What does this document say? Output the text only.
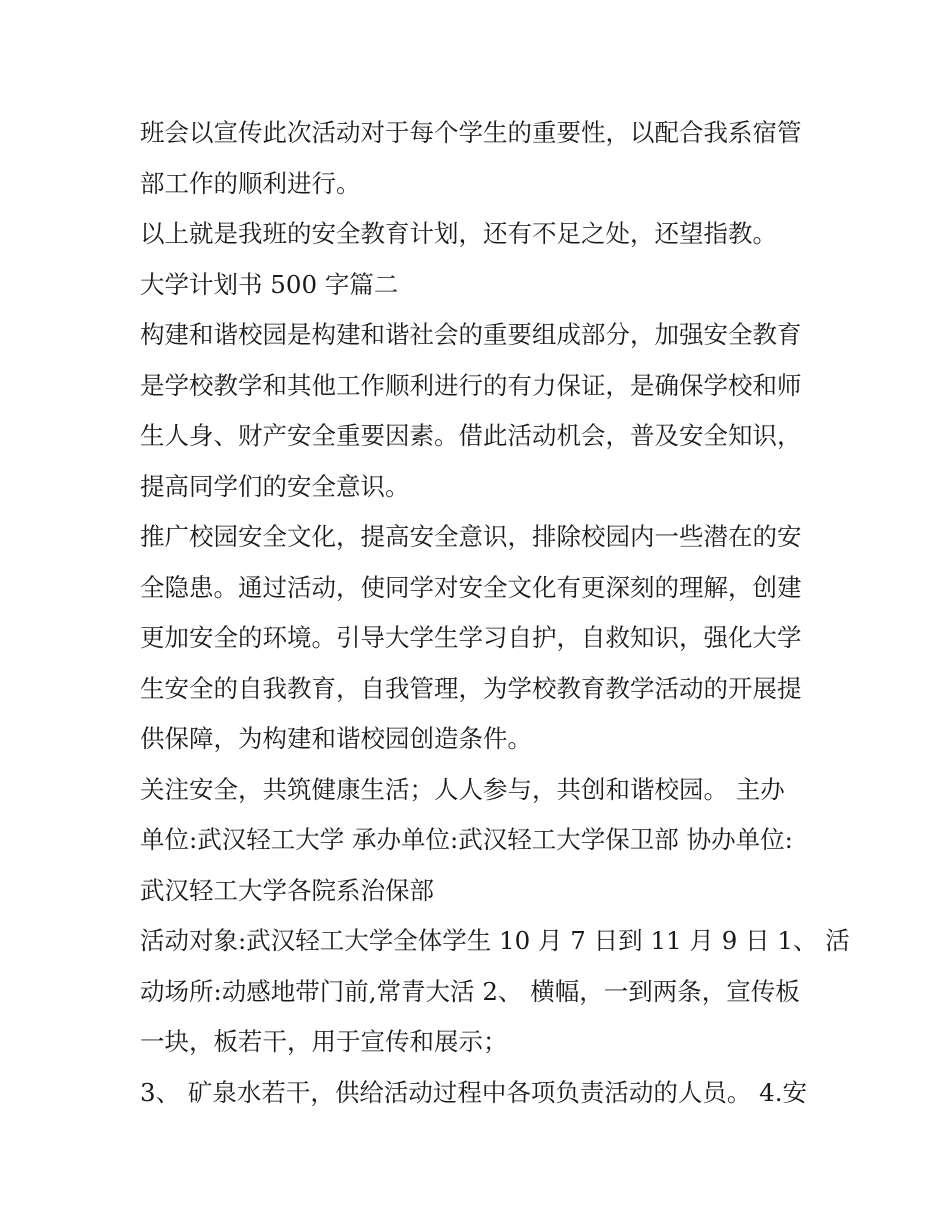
班会以宣传此次活动对于每个学生的重要性，以配合我系宿管
部工作的顺利进行。

以上就是我班的安全教育计划，还有不足之处，还望指教。

大学计划书 500 字篇二

构建和谐校园是构建和谐社会的重要组成部分，加强安全教育
是学校教学和其他工作顺利进行的有力保证，是确保学校和师
生人身、财产安全重要因素。借此活动机会，普及安全知识，
提高同学们的安全意识。

推广校园安全文化，提高安全意识，排除校园内一些潜在的安
全隐患。通过活动，使同学对安全文化有更深刻的理解，创建
更加安全的环境。引导大学生学习自护，自救知识，强化大学
生安全的自我教育，自我管理，为学校教育教学活动的开展提
供保障，为构建和谐校园创造条件。

关注安全，共筑健康生活；人人参与，共创和谐校园。 主办
单位:武汉轻工大学 承办单位:武汉轻工大学保卫部 协办单位:
武汉轻工大学各院系治保部

活动对象:武汉轻工大学全体学生 10 月 7 日到 11 月 9 日 1、 活
动场所:动感地带门前,常青大活 2、 横幅，一到两条，宣传板
一块，板若干，用于宣传和展示；

3、 矿泉水若干，供给活动过程中各项负责活动的人员。 4.安
